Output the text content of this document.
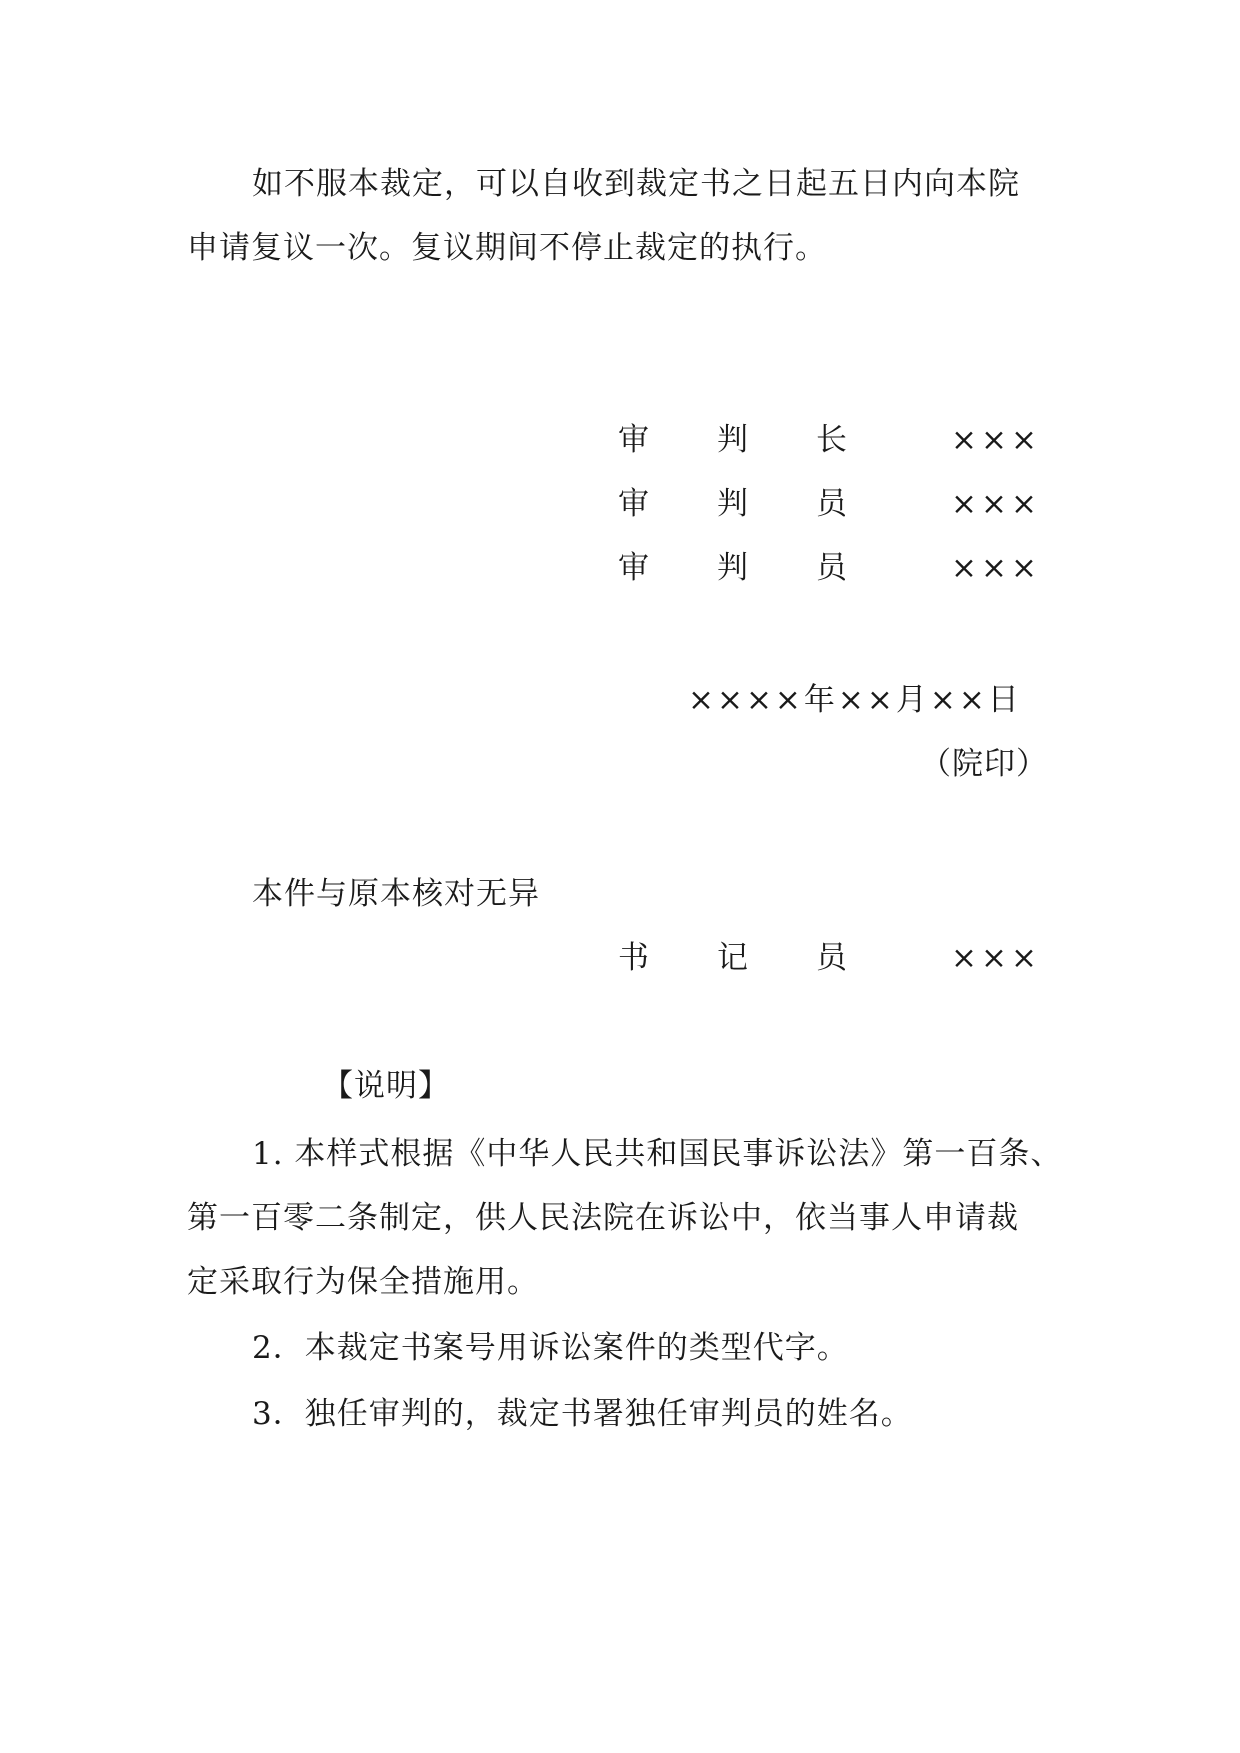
如不服本裁定，可以自收到裁定书之日起五日内向本院
申请复议一次。复议期间不停止裁定的执行。
审 判 长	×××
审 判 员	×××
审 判 员	×××
××××年××月××日
（院印）
本件与原本核对无异
书 记 员	×××
【说明】
1. 本样式根据《中华人民共和国民事诉讼法》第一百条、
第一百零二条制定，供人民法院在诉讼中，依当事人申请裁
定采取行为保全措施用。
2．本裁定书案号用诉讼案件的类型代字。
3．独任审判的，裁定书署独任审判员的姓名。
